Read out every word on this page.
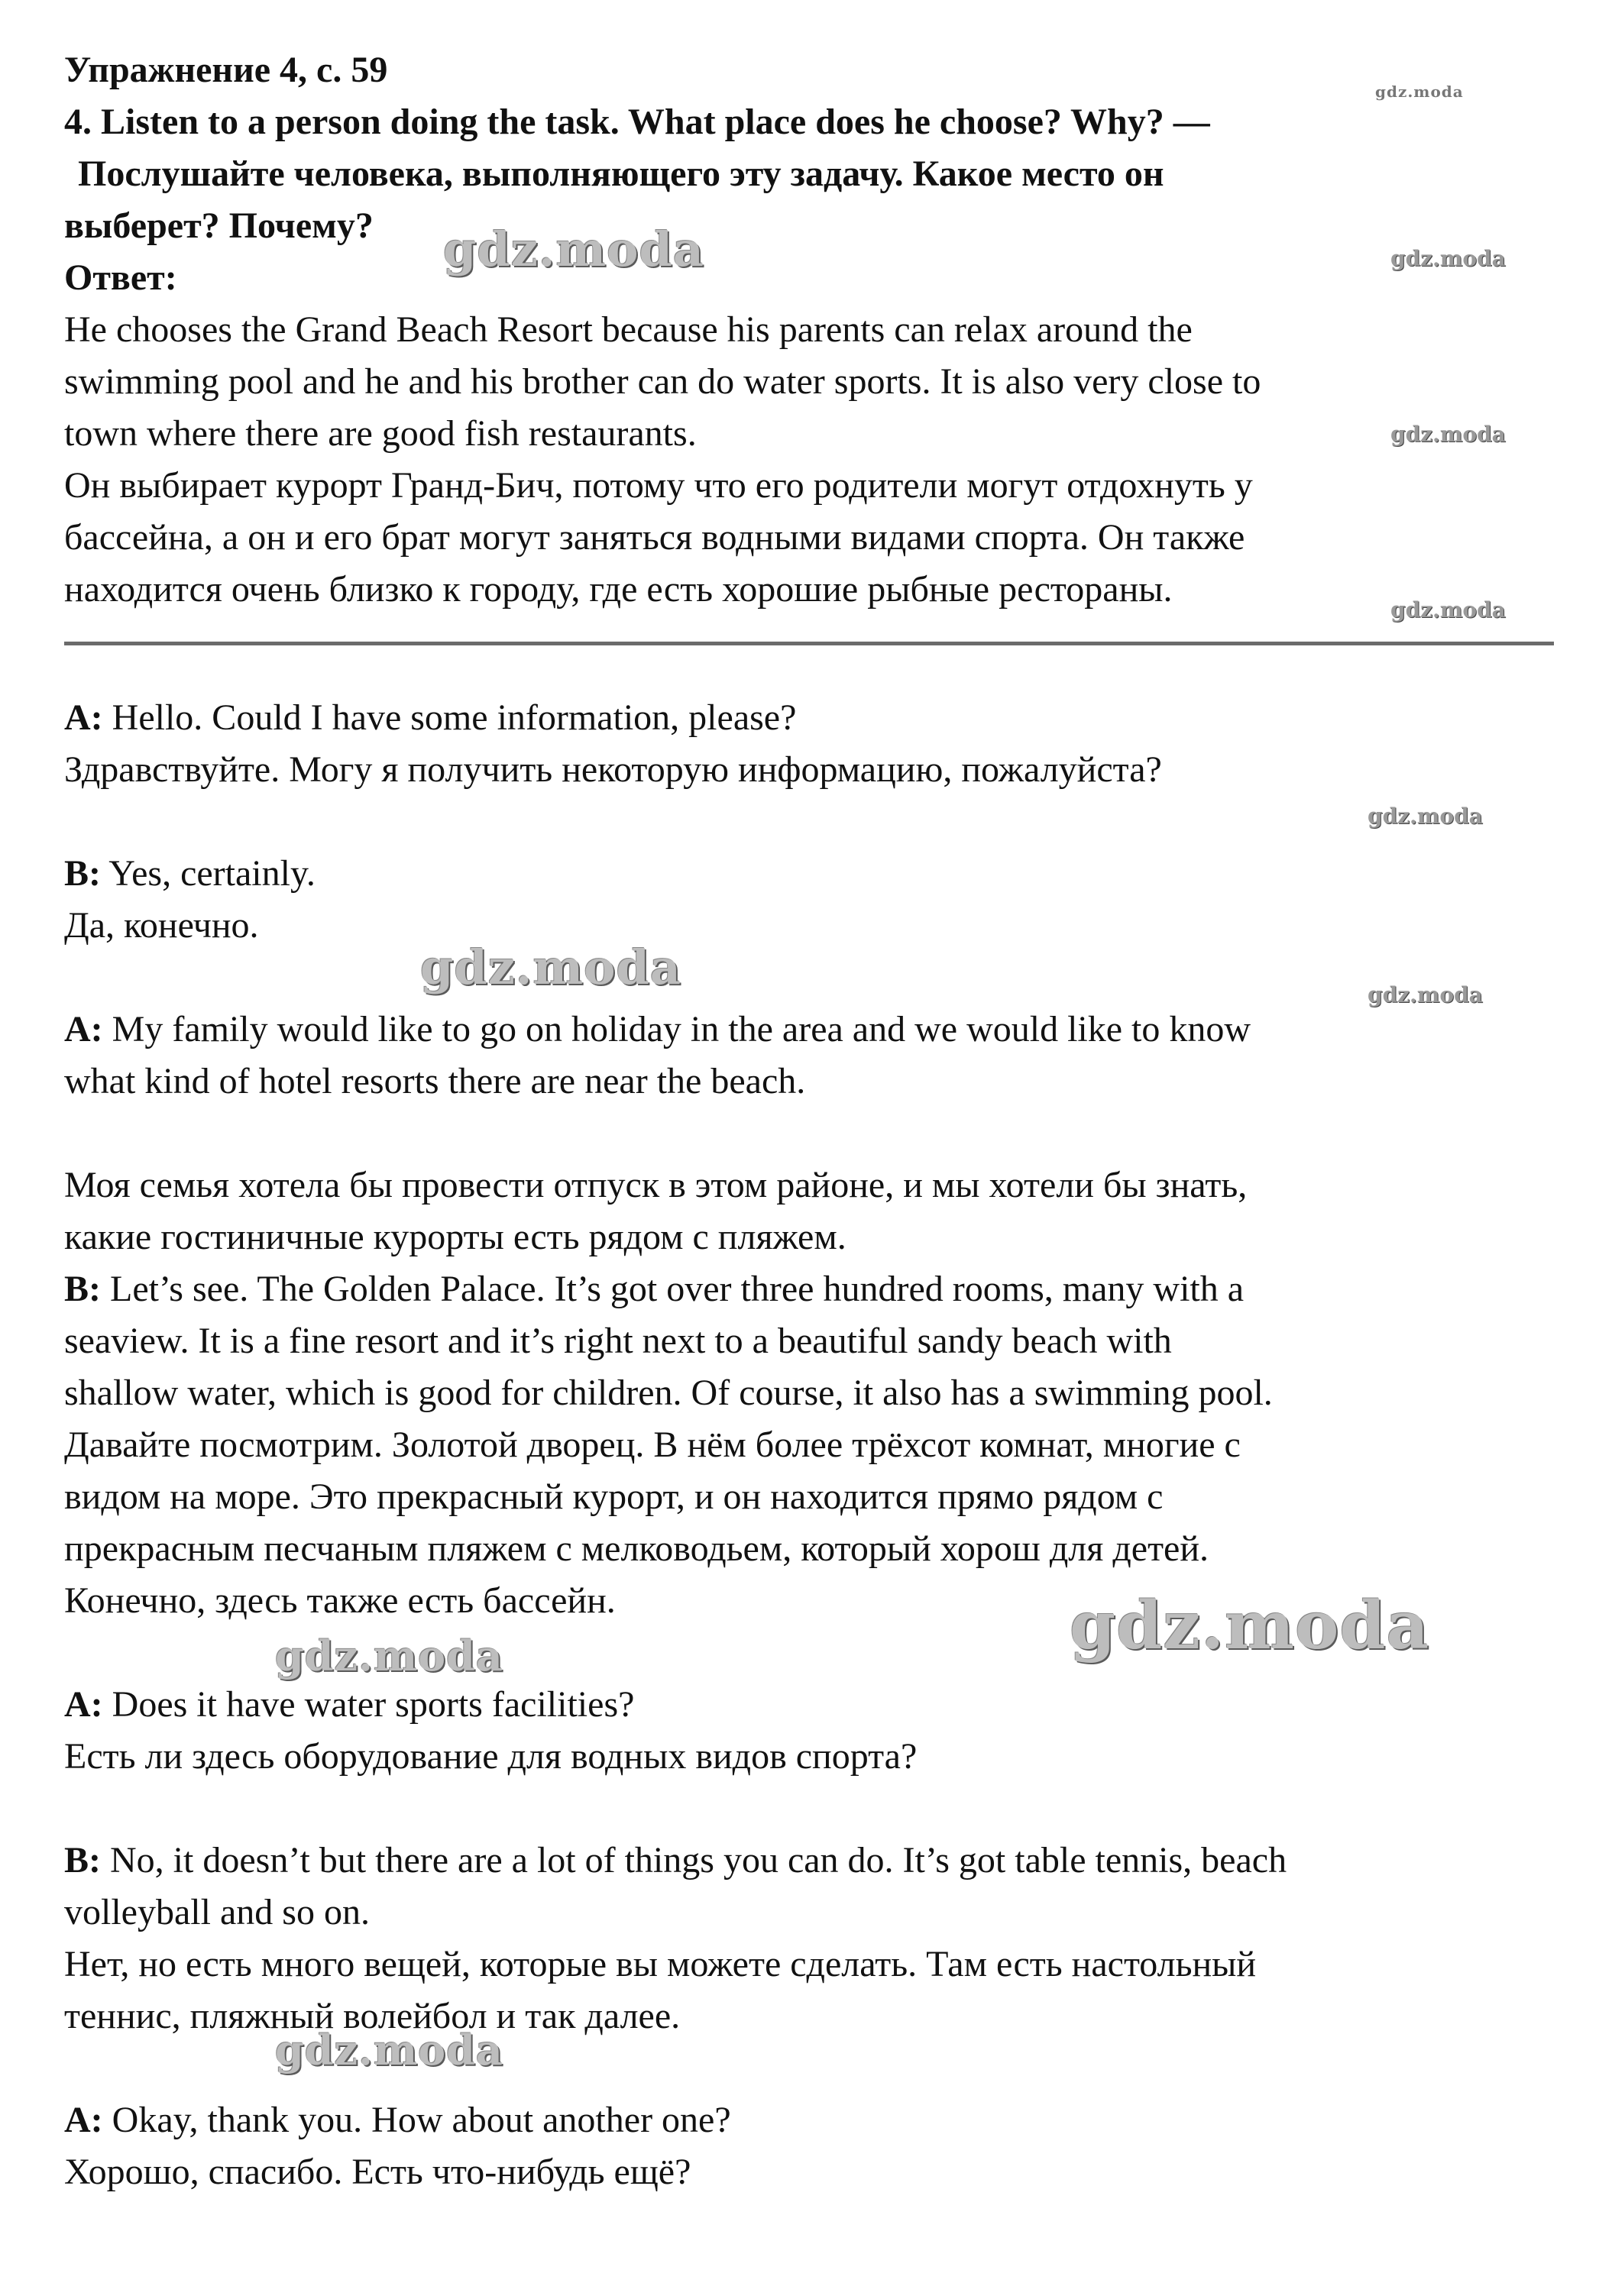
Упражнение 4, с. 59
4. Listen to a person doing the task. What place does he choose? Why? —
Послушайте человека, выполняющего эту задачу. Какое место он
выберет? Почему?
Ответ:
He chooses the Grand Beach Resort because his parents can relax around the
swimming pool and he and his brother can do water sports. It is also very close to
town where there are good fish restaurants.
Он выбирает курорт Гранд-Бич, потому что его родители могут отдохнуть у
бассейна, а он и его брат могут заняться водными видами спорта. Он также
находится очень близко к городу, где есть хорошие рыбные рестораны.
A: Hello. Could I have some information, please?
Здравствуйте. Могу я получить некоторую информацию, пожалуйста?
B: Yes, certainly.
Да, конечно.
A: My family would like to go on holiday in the area and we would like to know
what kind of hotel resorts there are near the beach.
Моя семья хотела бы провести отпуск в этом районе, и мы хотели бы знать,
какие гостиничные курорты есть рядом с пляжем.
B: Let’s see. The Golden Palace. It’s got over three hundred rooms, many with a
seaview. It is a fine resort and it’s right next to a beautiful sandy beach with
shallow water, which is good for children. Of course, it also has a swimming pool.
Давайте посмотрим. Золотой дворец. В нём более трёхсот комнат, многие с
видом на море. Это прекрасный курорт, и он находится прямо рядом с
прекрасным песчаным пляжем с мелководьем, который хорош для детей.
Конечно, здесь также есть бассейн.
A: Does it have water sports facilities?
Есть ли здесь оборудование для водных видов спорта?
B: No, it doesn’t but there are a lot of things you can do. It’s got table tennis, beach
volleyball and so on.
Нет, но есть много вещей, которые вы можете сделать. Там есть настольный
теннис, пляжный волейбол и так далее.
A: Okay, thank you. How about another one?
Хорошо, спасибо. Есть что-нибудь ещё?
gdz.moda
gdz.moda	gdz.moda
gdz.moda
gdz.moda
gdz.moda
gdz.moda	gdz.moda
gdz.moda
gdz.moda
gdz.moda
